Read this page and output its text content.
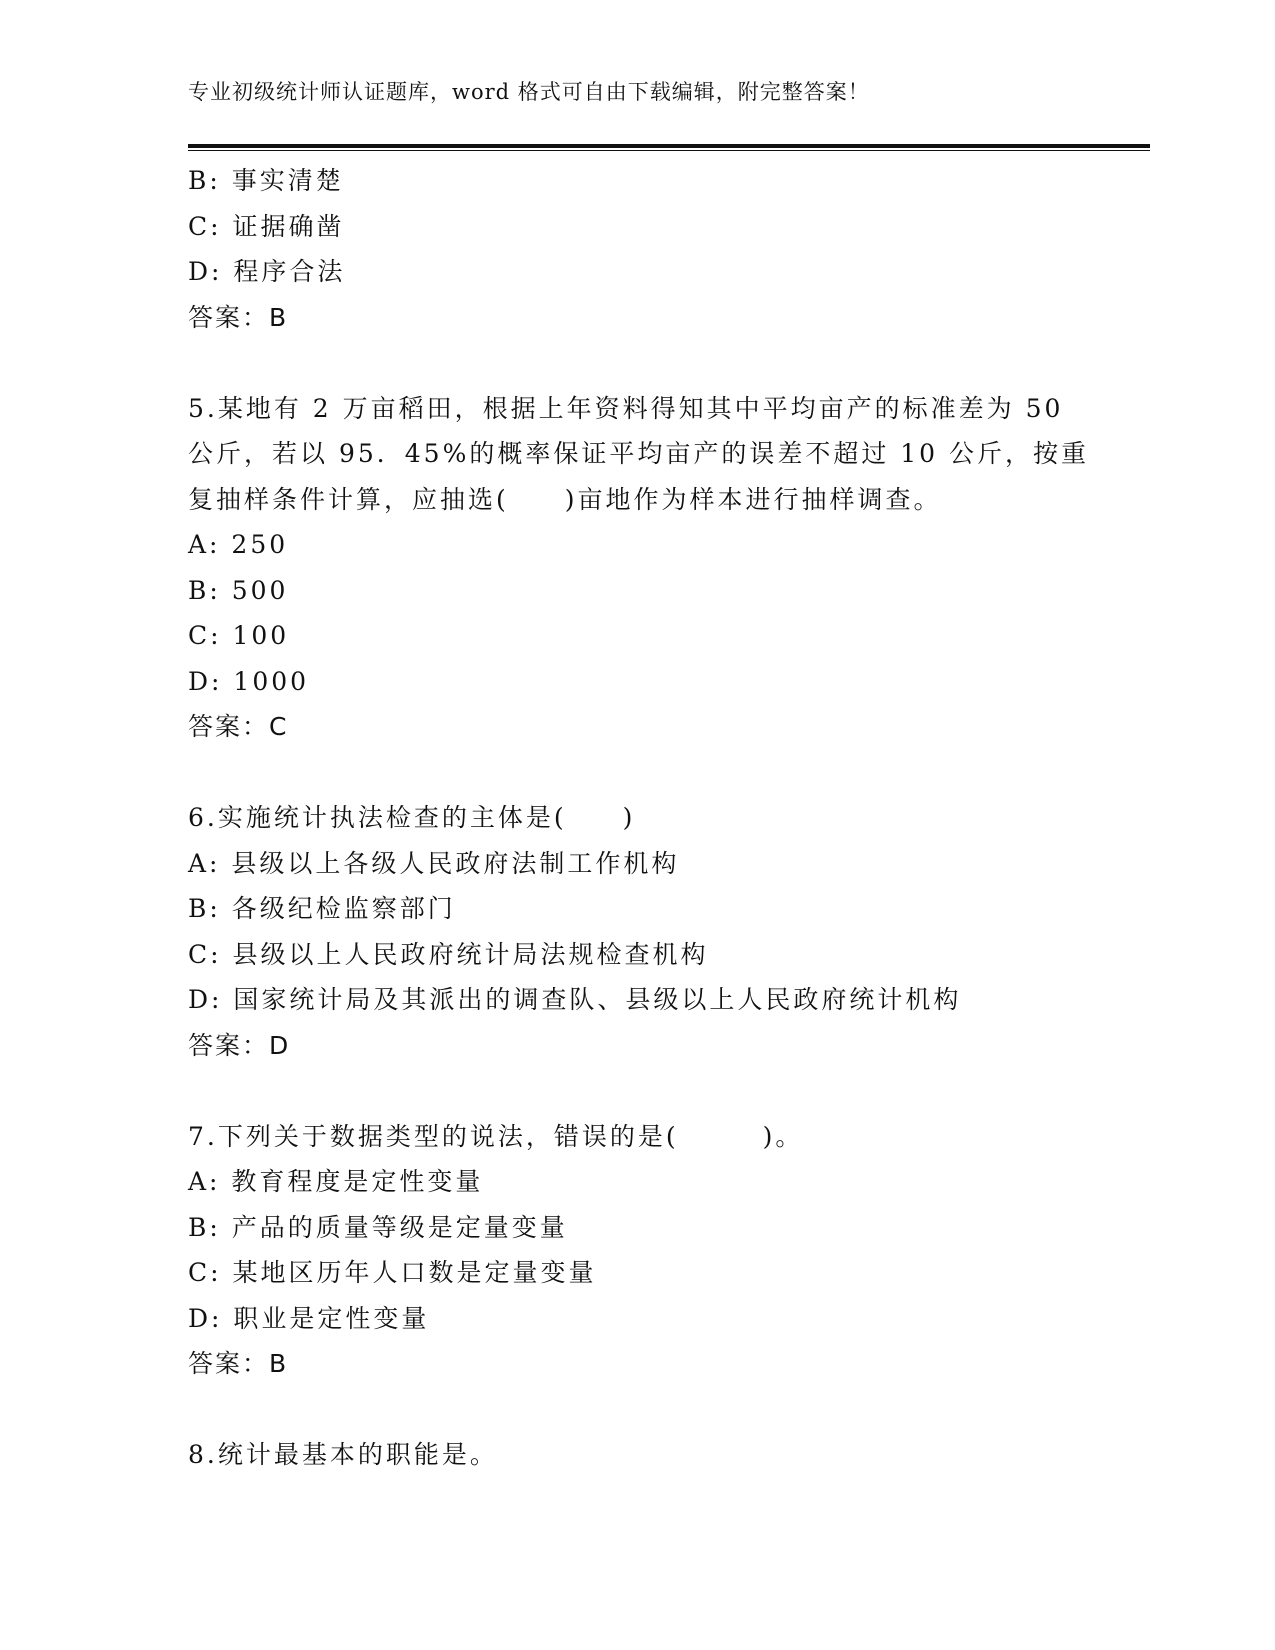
专业初级统计师认证题库，word 格式可自由下载编辑，附完整答案！
B: 事实清楚
C: 证据确凿
D: 程序合法
答案：B
5.某地有 2 万亩稻田，根据上年资料得知其中平均亩产的标准差为 50
公斤，若以 95．45%的概率保证平均亩产的误差不超过 10 公斤，按重
复抽样条件计算，应抽选(　　)亩地作为样本进行抽样调查。
A: 250
B: 500
C: 100
D: 1000
答案：C
6.实施统计执法检查的主体是(　　)
A: 县级以上各级人民政府法制工作机构
B: 各级纪检监察部门
C: 县级以上人民政府统计局法规检查机构
D: 国家统计局及其派出的调查队、县级以上人民政府统计机构
答案：D
7.下列关于数据类型的说法，错误的是(　　　)。
A: 教育程度是定性变量
B: 产品的质量等级是定量变量
C: 某地区历年人口数是定量变量
D: 职业是定性变量
答案：B
8.统计最基本的职能是。
